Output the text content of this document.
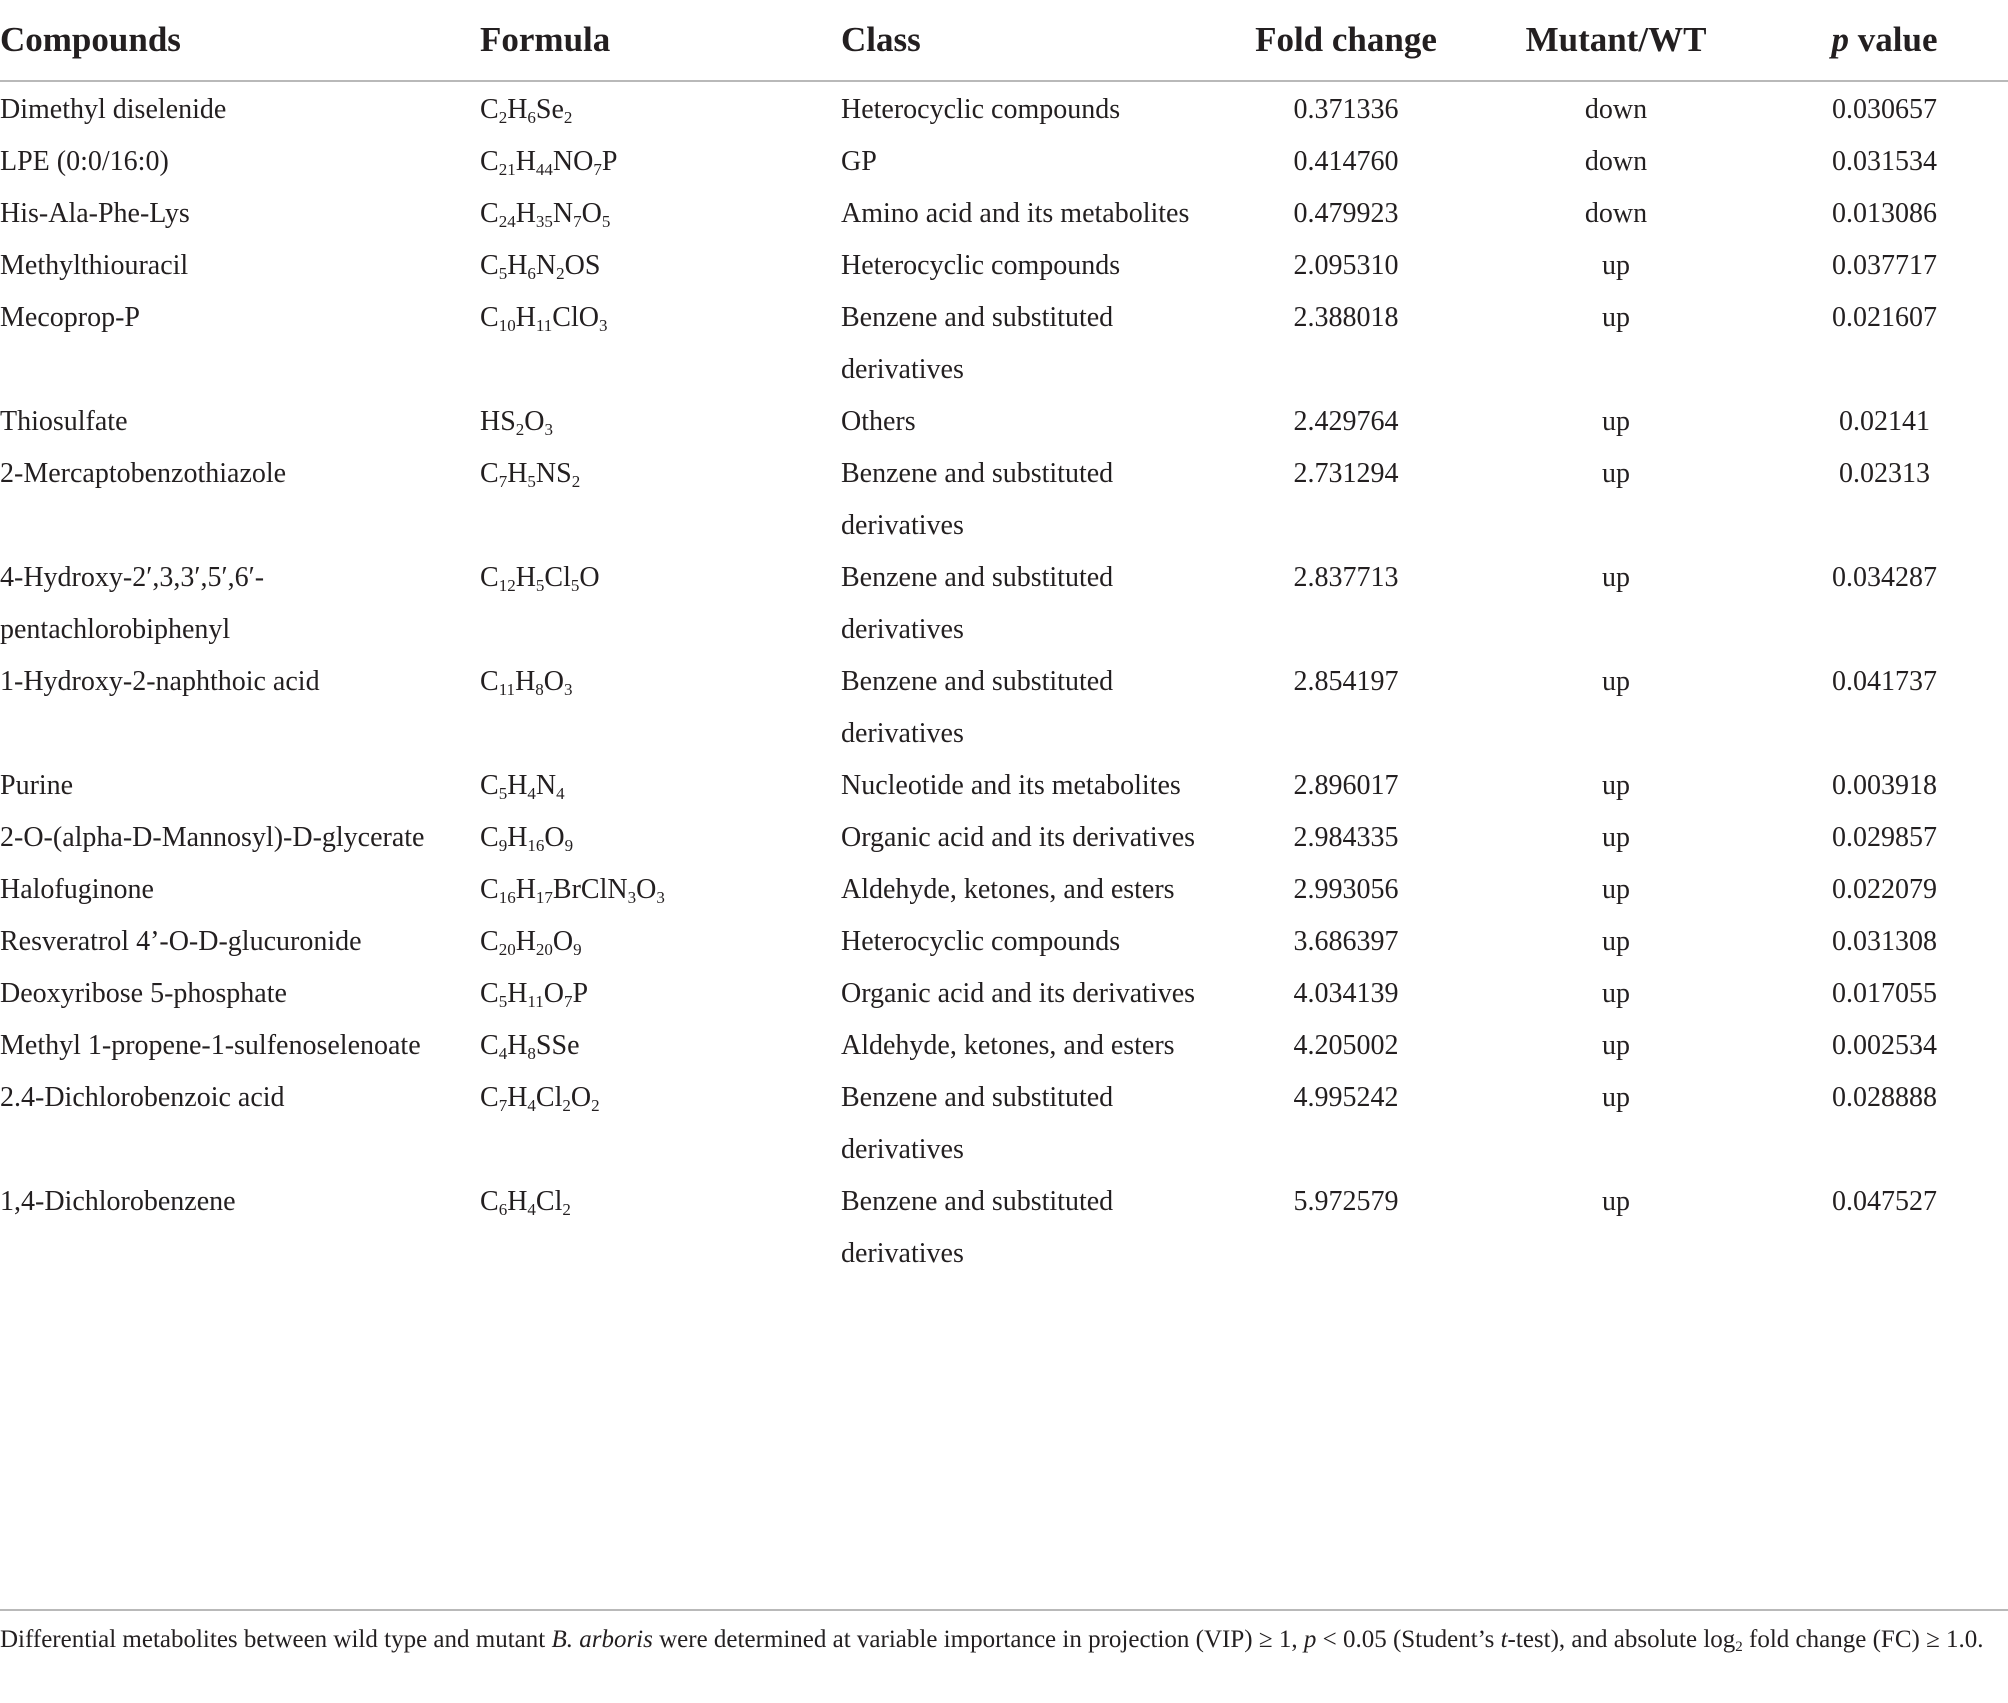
Compounds	Formula	Class	Fold change	Mutant/WT	p value
Dimethyl diselenide	$C_2H_6Se_2$	Heterocyclic compounds	0.371336	down	0.030657
LPE (0:0/16:0)	$C_{21}H_{44}NO_7P$	GP	0.414760	down	0.031534
His-Ala-Phe-Lys	$C_{24}H_{35}N_7O_5$	Amino acid and its metabolites	0.479923	down	0.013086
Methylthiouracil	$C_5H_6N_2OS$	Heterocyclic compounds	2.095310	up	0.037717
Mecoprop-P	$C_{10}H_{11}ClO_3$	Benzene and substituted derivatives	2.388018	up	0.021607
Thiosulfate	$HS_2O_3$	Others	2.429764	up	0.02141
2-Mercaptobenzothiazole	$C_7H_5NS_2$	Benzene and substituted derivatives	2.731294	up	0.02313
4-Hydroxy-2′,3,3′,5′,6′-pentachlorobiphenyl	$C_{12}H_5Cl_5O$	Benzene and substituted derivatives	2.837713	up	0.034287
1-Hydroxy-2-naphthoic acid	$C_{11}H_8O_3$	Benzene and substituted derivatives	2.854197	up	0.041737
Purine	$C_5H_4N_4$	Nucleotide and its metabolites	2.896017	up	0.003918
2-O-(alpha-D-Mannosyl)-D-glycerate	$C_9H_{16}O_9$	Organic acid and its derivatives	2.984335	up	0.029857
Halofuginone	$C_{16}H_{17}BrClN_3O_3$	Aldehyde, ketones, and esters	2.993056	up	0.022079
Resveratrol 4’-O-D-glucuronide	$C_{20}H_{20}O_9$	Heterocyclic compounds	3.686397	up	0.031308
Deoxyribose 5-phosphate	$C_5H_{11}O_7P$	Organic acid and its derivatives	4.034139	up	0.017055
Methyl 1-propene-1-sulfenoselenoate	$C_4H_8SSe$	Aldehyde, ketones, and esters	4.205002	up	0.002534
2.4-Dichlorobenzoic acid	$C_7H_4Cl_2O_2$	Benzene and substituted derivatives	4.995242	up	0.028888
1,4-Dichlorobenzene	$C_6H_4Cl_2$	Benzene and substituted derivatives	5.972579	up	0.047527
Differential metabolites between wild type and mutant B. arboris were determined at variable importance in projection (VIP) ≥ 1, p < 0.05 (Student’s t-test), and absolute $\log_2$ fold change (FC) ≥ 1.0.
